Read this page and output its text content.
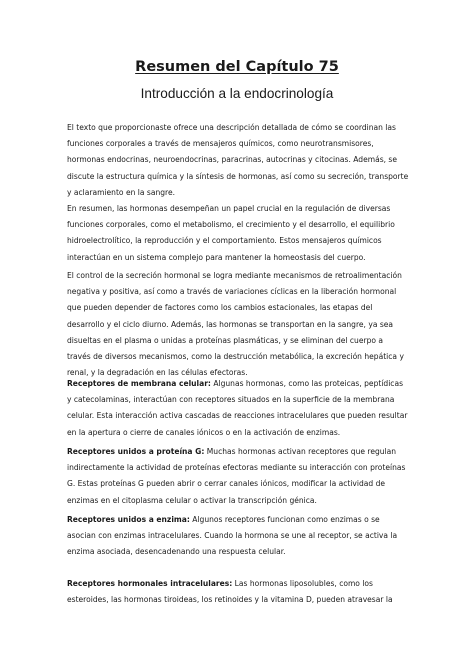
Resumen del Capítulo 75
Introducción a la endocrinología

El texto que proporcionaste ofrece una descripción detallada de cómo se coordinan las funciones corporales a través de mensajeros químicos, como neurotransmisores, hormonas endocrinas, neuroendocrinas, paracrinas, autocrinas y citocinas. Además, se discute la estructura química y la síntesis de hormonas, así como su secreción, transporte y aclaramiento en la sangre.

En resumen, las hormonas desempeñan un papel crucial en la regulación de diversas funciones corporales, como el metabolismo, el crecimiento y el desarrollo, el equilibrio hidroelectrolítico, la reproducción y el comportamiento. Estos mensajeros químicos interactúan en un sistema complejo para mantener la homeostasis del cuerpo.

El control de la secreción hormonal se logra mediante mecanismos de retroalimentación negativa y positiva, así como a través de variaciones cíclicas en la liberación hormonal que pueden depender de factores como los cambios estacionales, las etapas del desarrollo y el ciclo diurno. Además, las hormonas se transportan en la sangre, ya sea disueltas en el plasma o unidas a proteínas plasmáticas, y se eliminan del cuerpo a través de diversos mecanismos, como la destrucción metabólica, la excreción hepática y renal, y la degradación en las células efectoras.

Receptores de membrana celular: Algunas hormonas, como las proteicas, peptídicas y catecolaminas, interactúan con receptores situados en la superficie de la membrana celular. Esta interacción activa cascadas de reacciones intracelulares que pueden resultar en la apertura o cierre de canales iónicos o en la activación de enzimas.

Receptores unidos a proteína G: Muchas hormonas activan receptores que regulan indirectamente la actividad de proteínas efectoras mediante su interacción con proteínas G. Estas proteínas G pueden abrir o cerrar canales iónicos, modificar la actividad de enzimas en el citoplasma celular o activar la transcripción génica.

Receptores unidos a enzima: Algunos receptores funcionan como enzimas o se asocian con enzimas intracelulares. Cuando la hormona se une al receptor, se activa la enzima asociada, desencadenando una respuesta celular.

Receptores hormonales intracelulares: Las hormonas liposolubles, como los esteroides, las hormonas tiroideas, los retinoides y la vitamina D, pueden atravesar la
